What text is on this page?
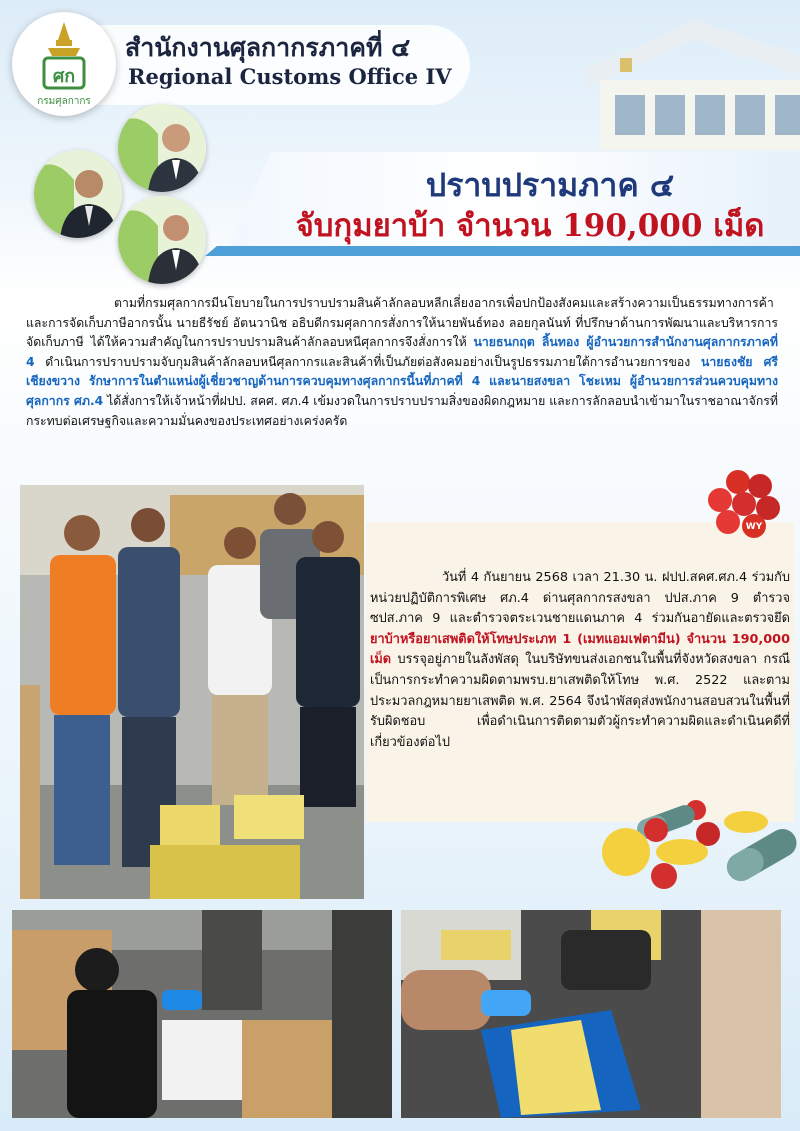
ศก
กรมศุลกากร
สำนักงานศุลกากรภาคที่ ๔
Regional Customs Office IV
ปราบปรามภาค ๔
จับกุมยาบ้า จำนวน 190,000 เม็ด
ตามที่กรมศุลกากรมีนโยบายในการปราบปรามสินค้าลักลอบหลีกเลี่ยงอากรเพื่อปกป้องสังคมและสร้างความเป็นธรรมทางการค้าและการจัดเก็บภาษีอากรนั้น นายธีรัชย์ อัตนวานิช อธิบดีกรมศุลกากรสั่งการให้นายพันธ์ทอง ลอยกุลนันท์ ที่ปรึกษาด้านการพัฒนาและบริหารการจัดเก็บภาษี ได้ให้ความสำคัญในการปราบปรามสินค้าลักลอบหนีศุลกากรจึงสั่งการให้ นายธนกฤต ลิ้นทอง ผู้อำนวยการสำนักงานศุลกากรภาคที่ 4 ดำเนินการปราบปรามจับกุมสินค้าลักลอบหนีศุลกากรและสินค้าที่เป็นภัยต่อสังคมอย่างเป็นรูปธรรมภายใต้การอำนวยการของ นายธงชัย ศรีเชียงขวาง รักษาการในตำแหน่งผู้เชี่ยวชาญด้านการควบคุมทางศุลกากรนี้นที่ภาคที่ 4 และนายสงขลา โชะเหม ผู้อำนวยการส่วนควบคุมทางศุลกากร ศภ.4 ได้สั่งการให้เจ้าหน้าที่ฝปป. สคศ. ศภ.4 เข้มงวดในการปราบปรามสิ่งของผิดกฎหมาย และการลักลอบนำเข้ามาในราชอาณาจักรที่กระทบต่อเศรษฐกิจและความมั่นคงของประเทศอย่างเคร่งครัด
วันที่ 4 กันยายน 2568 เวลา 21.30 น. ฝปป.สคศ.ศภ.4 ร่วมกับหน่วยปฏิบัติการพิเศษ ศภ.4 ด่านศุลกากรสงขลา ปปส.ภาค 9 ตำรวจ ซปส.ภาค 9 และตำรวจตระเวนชายแดนภาค 4 ร่วมกันอายัดและตรวจยึด ยาบ้าหรือยาเสพติดให้โทษประเภท 1 (เมทแอมเฟตามีน) จำนวน 190,000 เม็ด บรรจุอยู่ภายในลังพัสดุ ในบริษัทขนส่งเอกชนในพื้นที่จังหวัดสงขลา กรณีเป็นการกระทำความผิดตามพรบ.ยาเสพติดให้โทษ พ.ศ. 2522 และตามประมวลกฎหมายยาเสพติด พ.ศ. 2564 จึงนำพัสดุส่งพนักงานสอบสวนในพื้นที่รับผิดชอบ เพื่อดำเนินการติดตามตัวผู้กระทำความผิดและดำเนินคดีที่เกี่ยวข้องต่อไป
WY
